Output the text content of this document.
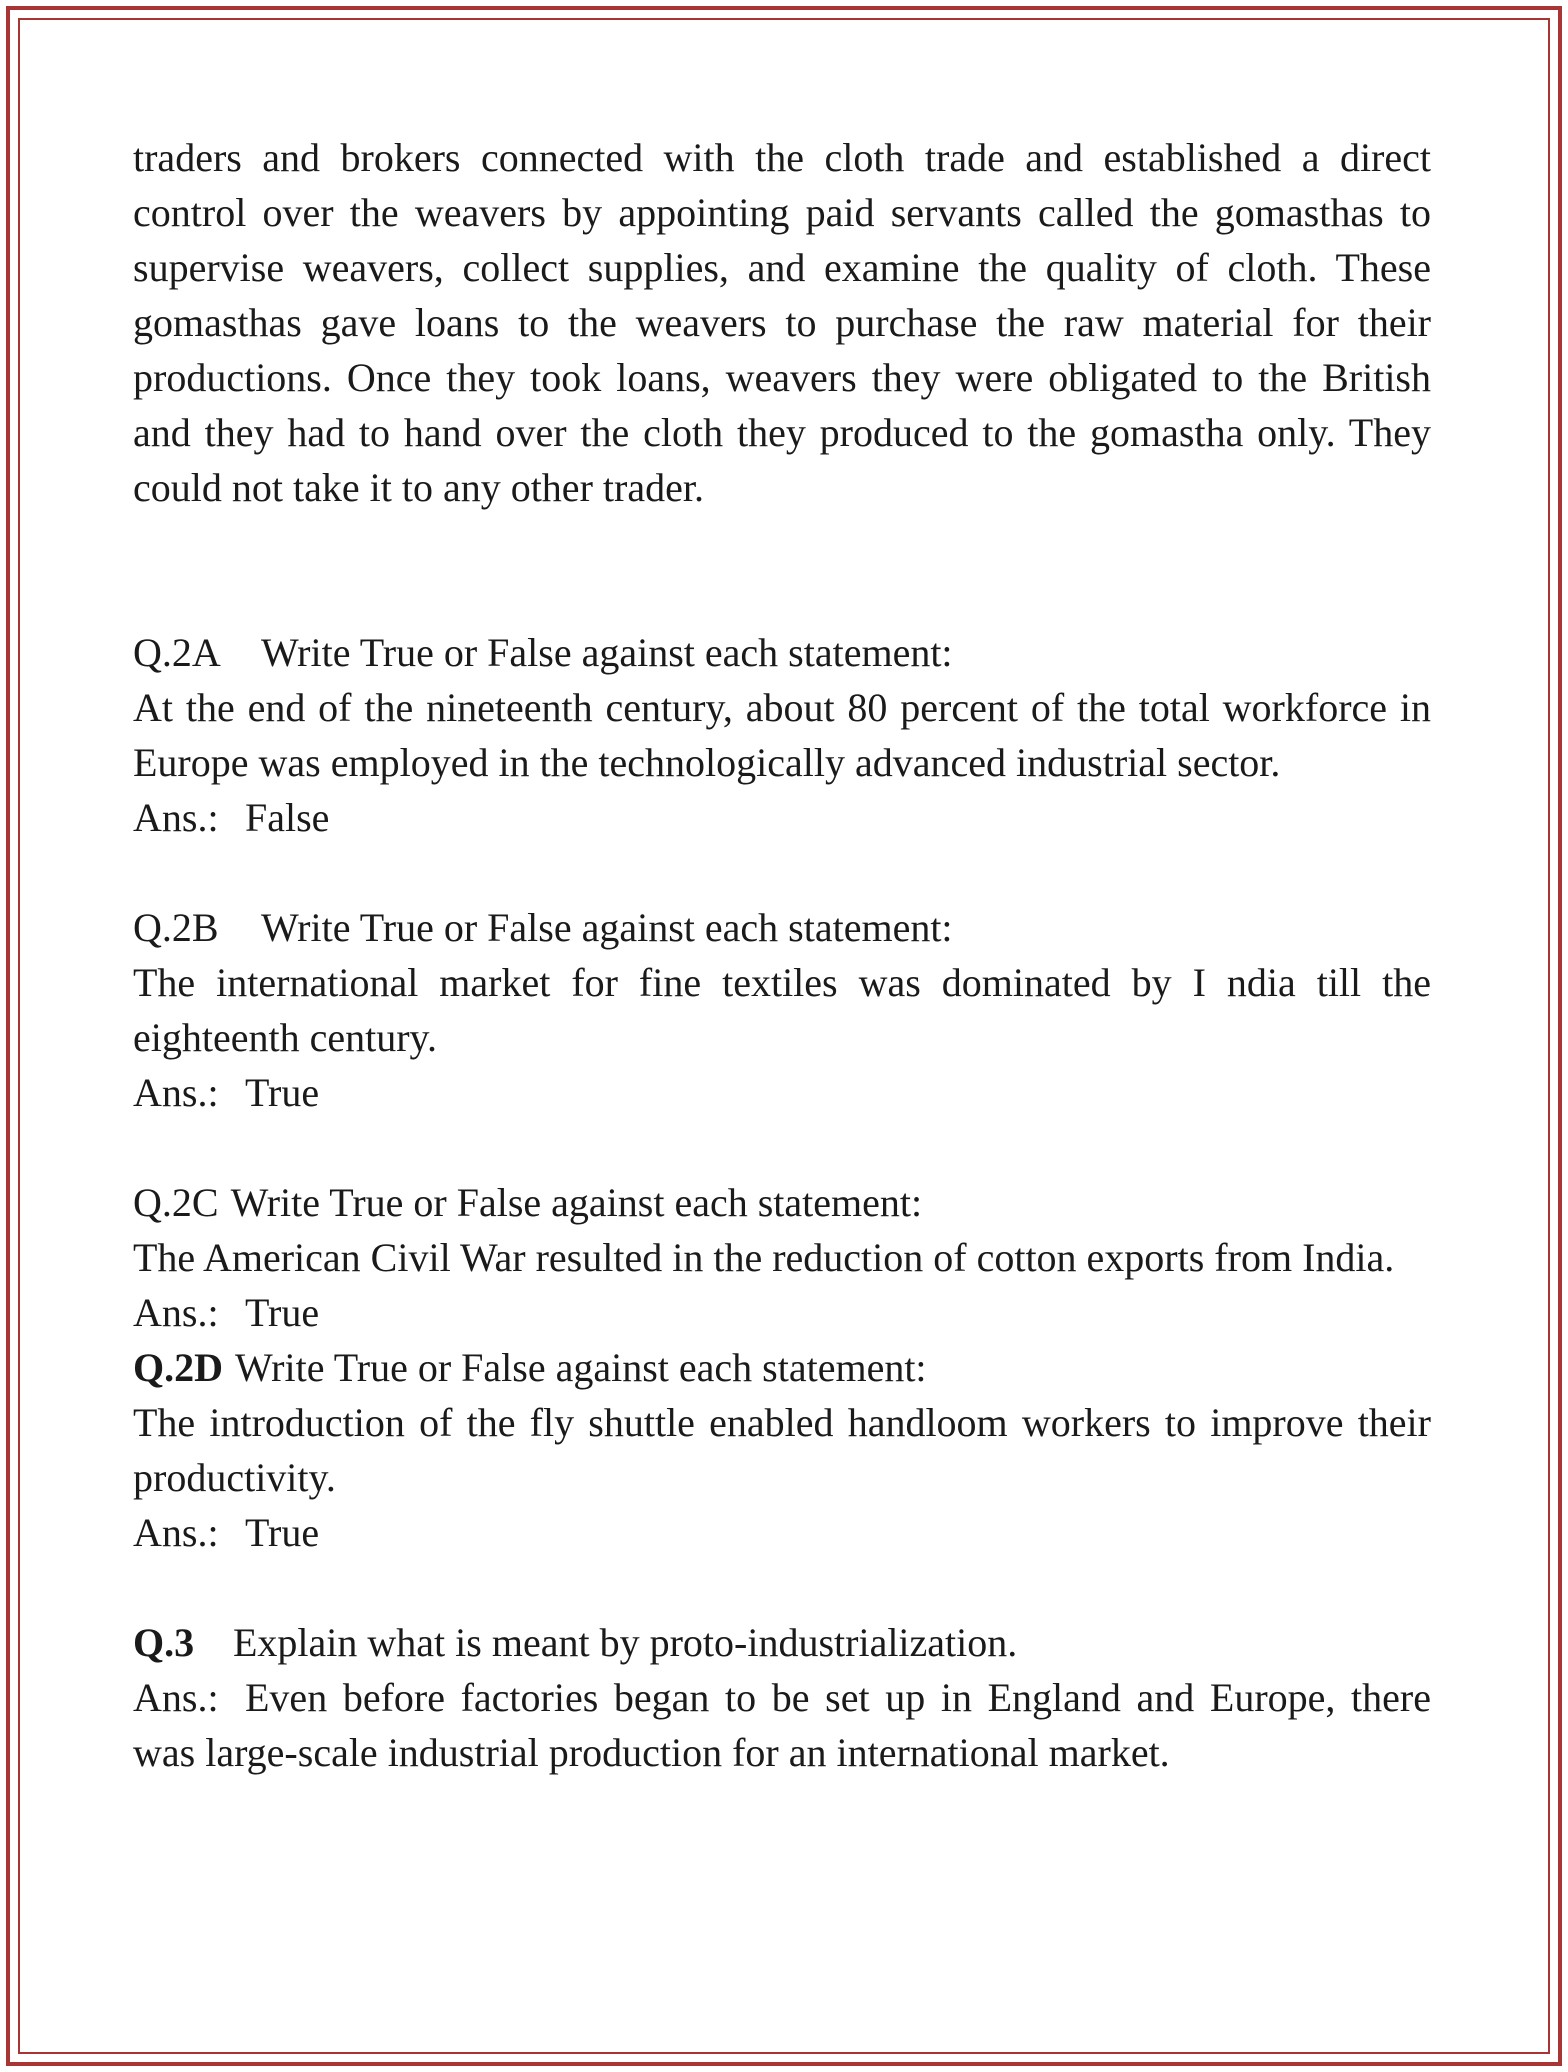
traders and brokers connected with the cloth trade and established a direct control over the weavers by appointing paid servants called the gomasthas to supervise weavers, collect supplies, and examine the quality of cloth. These gomasthas gave loans to the weavers to purchase the raw material for their productions. Once they took loans, weavers they were obligated to the British and they had to hand over the cloth they produced to the gomastha only. They could not take it to any other trader.

Q.2A Write True or False against each statement:

At the end of the nineteenth century, about 80 percent of the total workforce in Europe was employed in the technologically advanced industrial sector.

Ans.: False
Q.2B Write True or False against each statement:

The international market for fine textiles was dominated by I ndia till the eighteenth century.

Ans.: True
Q.2C Write True or False against each statement:

The American Civil War resulted in the reduction of cotton exports from India.

Ans.: True
Q.2D Write True or False against each statement:

The introduction of the fly shuttle enabled handloom workers to improve their productivity.

Ans.: True
Q.3 Explain what is meant by proto-industrialization.

Ans.: Even before factories began to be set up in England and Europe, there was large-scale industrial production for an international market.
